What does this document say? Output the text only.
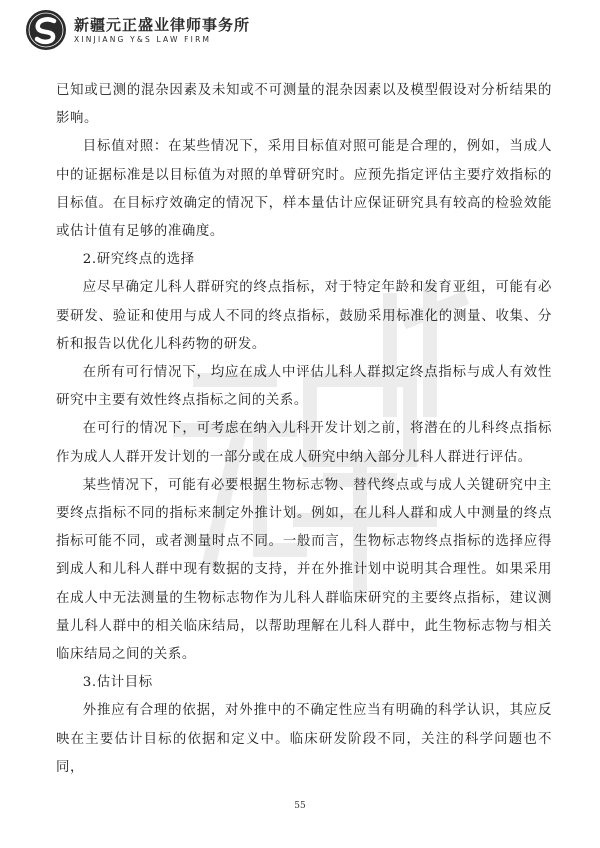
新疆元正盛业律师事务所
XINJIANG Y&S LAW FIRM

已知或已测的混杂因素及未知或不可测量的混杂因素以及模型假设对分析结果的影响。

目标值对照：在某些情况下，采用目标值对照可能是合理的，例如，当成人中的证据标准是以目标值为对照的单臂研究时。应预先指定评估主要疗效指标的目标值。在目标疗效确定的情况下，样本量估计应保证研究具有较高的检验效能或估计值有足够的准确度。

2.研究终点的选择

应尽早确定儿科人群研究的终点指标，对于特定年龄和发育亚组，可能有必要研发、验证和使用与成人不同的终点指标，鼓励采用标准化的测量、收集、分析和报告以优化儿科药物的研发。

在所有可行情况下，均应在成人中评估儿科人群拟定终点指标与成人有效性研究中主要有效性终点指标之间的关系。

在可行的情况下，可考虑在纳入儿科开发计划之前，将潜在的儿科终点指标作为成人人群开发计划的一部分或在成人研究中纳入部分儿科人群进行评估。

某些情况下，可能有必要根据生物标志物、替代终点或与成人关键研究中主要终点指标不同的指标来制定外推计划。例如，在儿科人群和成人中测量的终点指标可能不同，或者测量时点不同。一般而言，生物标志物终点指标的选择应得到成人和儿科人群中现有数据的支持，并在外推计划中说明其合理性。如果采用在成人中无法测量的生物标志物作为儿科人群临床研究的主要终点指标，建议测量儿科人群中的相关临床结局，以帮助理解在儿科人群中，此生物标志物与相关临床结局之间的关系。

3.估计目标

外推应有合理的依据，对外推中的不确定性应当有明确的科学认识，其应反映在主要估计目标的依据和定义中。临床研发阶段不同，关注的科学问题也不同，

55
